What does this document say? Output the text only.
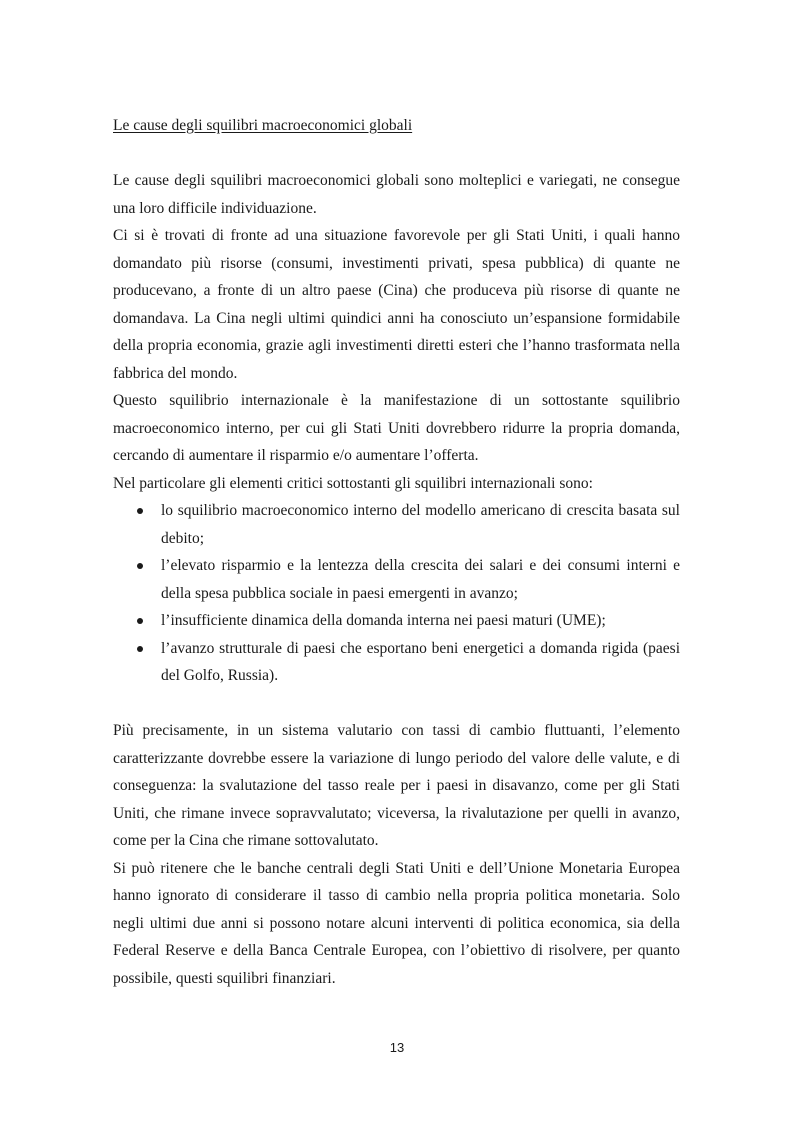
Le cause degli squilibri macroeconomici globali

Le cause degli squilibri macroeconomici globali sono molteplici e variegati, ne consegue una loro difficile individuazione.

Ci si è trovati di fronte ad una situazione favorevole per gli Stati Uniti, i quali hanno domandato più risorse (consumi, investimenti privati, spesa pubblica) di quante ne producevano, a fronte di un altro paese (Cina) che produceva più risorse di quante ne domandava. La Cina negli ultimi quindici anni ha conosciuto un’espansione formidabile della propria economia, grazie agli investimenti diretti esteri che l’hanno trasformata nella fabbrica del mondo.

Questo squilibrio internazionale è la manifestazione di un sottostante squilibrio macroeconomico interno, per cui gli Stati Uniti dovrebbero ridurre la propria domanda, cercando di aumentare il risparmio e/o aumentare l’offerta.

Nel particolare gli elementi critici sottostanti gli squilibri internazionali sono:

lo squilibrio macroeconomico interno del modello americano di crescita basata sul debito;
l’elevato risparmio e la lentezza della crescita dei salari e dei consumi interni e della spesa pubblica sociale in paesi emergenti in avanzo;
l’insufficiente dinamica della domanda interna nei paesi maturi (UME);
l’avanzo strutturale di paesi che esportano beni energetici a domanda rigida (paesi del Golfo, Russia).

Più precisamente, in un sistema valutario con tassi di cambio fluttuanti, l’elemento caratterizzante dovrebbe essere la variazione di lungo periodo del valore delle valute, e di conseguenza: la svalutazione del tasso reale per i paesi in disavanzo, come per gli Stati Uniti, che rimane invece sopravvalutato; viceversa, la rivalutazione per quelli in avanzo, come per la Cina che rimane sottovalutato.

Si può ritenere che le banche centrali degli Stati Uniti e dell’Unione Monetaria Europea hanno ignorato di considerare il tasso di cambio nella propria politica monetaria. Solo negli ultimi due anni si possono notare alcuni interventi di politica economica, sia della Federal Reserve e della Banca Centrale Europea, con l’obiettivo di risolvere, per quanto possibile, questi squilibri finanziari.

13
